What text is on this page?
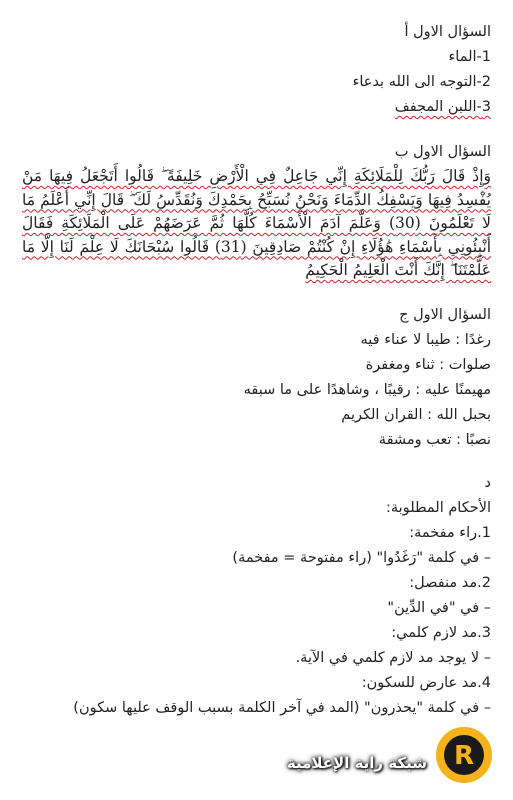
السؤال الاول أ
1-الماء
2-التوجه الى الله بدعاء
3-اللبن المجفف
السؤال الاول ب
وَإِذْ قَالَ رَبُّكَ لِلْمَلَائِكَةِ إِنِّي جَاعِلٌ فِي الْأَرْضِ خَلِيفَةً ۖ قَالُوا أَتَجْعَلُ فِيهَا مَنْ يُفْسِدُ فِيهَا وَيَسْفِكُ الدِّمَاءَ وَنَحْنُ نُسَبِّحُ بِحَمْدِكَ وَنُقَدِّسُ لَكَ ۖ قَالَ إِنِّي أَعْلَمُ مَا لَا تَعْلَمُونَ (30) وَعَلَّمَ آدَمَ الْأَسْمَاءَ كُلَّهَا ثُمَّ عَرَضَهُمْ عَلَى الْمَلَائِكَةِ فَقَالَ أَنْبِئُونِي بِأَسْمَاءِ هَٰؤُلَاءِ إِنْ كُنْتُمْ صَادِقِينَ (31) قَالُوا سُبْحَانَكَ لَا عِلْمَ لَنَا إِلَّا مَا عَلَّمْتَنَا ۖ إِنَّكَ أَنْتَ الْعَلِيمُ الْحَكِيمُ
السؤال الاول ج
رغدًا : طيبا لا عناء فيه
صلوات : ثناء ومغفرة
مهيمنًا عليه : رقيبًا ، وشاهدًا على ما سبقه
بحبل الله : القران الكريم
نصبًا : تعب ومشقة
د
الأحكام المطلوبة:
1.راء مفخمة:
– في كلمة "رَغَدُوا" (راء مفتوحة = مفخمة)
2.مد منفصل:
– في "في الدِّين"
3.مد لازم كلمي:
– لا يوجد مد لازم كلمي في الآية.
4.مد عارض للسكون:
– في كلمة "يحذرون" (المد في آخر الكلمة بسبب الوقف عليها سكون)
شبكة راية الإعلامية R
